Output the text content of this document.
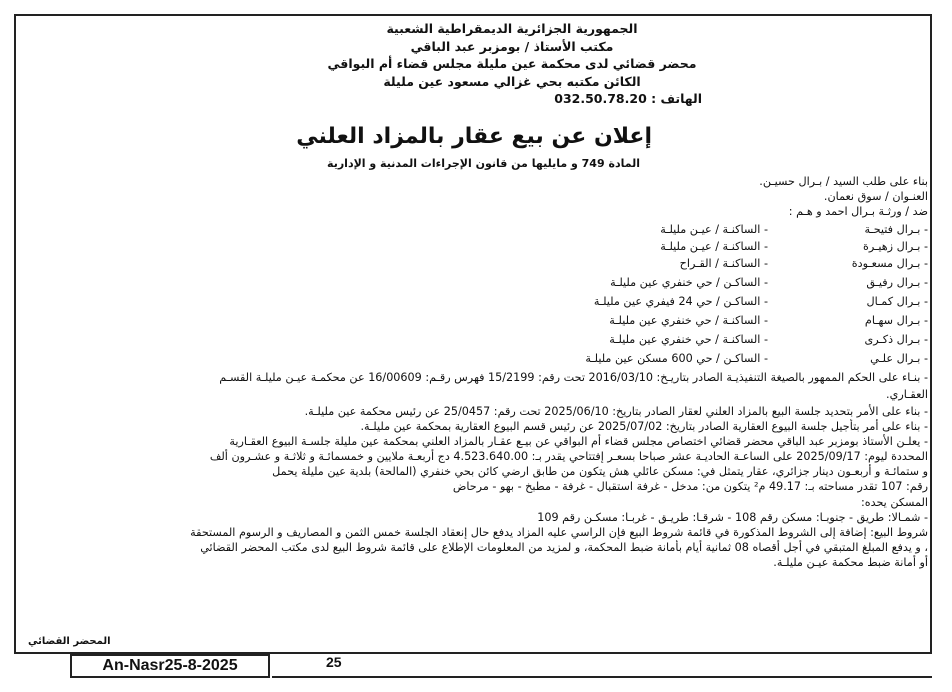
الجمهورية الجزائرية الديمقراطية الشعبية
مكتب الأستاذ / بومزبر عبد الباقي
محضر قضائي لدى محكمة عين مليلة مجلس قضاء أم البواقي
الكائن مكتبه بحي غزالي مسعود عين مليلة
الهاتف : 032.50.78.20
إعلان عن بيع عقار بالمزاد العلني
المادة 749 و مايليها من قانون الإجراءات المدنية و الإدارية
بناء على طلب السيد / بـرال حسيـن.
العنـوان / سوق نعمان.
ضد / ورثـة بـرال احمد و هـم :
- بـرال فتيحـة
- الساكنـة / عيـن مليلـة
- بـرال زهيـرة
- الساكنـة / عيـن مليلـة
- بـرال مسعـودة
- الساكنـة / القـراح
- بـرال رفيـق
- الساكـن / حي خنفري عين مليلـة
- بـرال كمـال
- الساكـن / حي 24 فيفري عين مليلـة
- بـرال سهـام
- الساكنـة / حي خنفري عين مليلـة
- بـرال ذكـرى
- الساكنـة / حي خنفري عين مليلـة
- بـرال علـي
- الساكـن / حي 600 مسكن عين مليلـة
- بنـاء على الحكم الممهور بالصيغة التنفيذيـة الصادر بتاريـخ: 2016/03/10 تحت رقم: 15/2199 فهرس رقـم: 16/00609 عن محكمـة عيـن مليلـة القسـم
العقـاري.
- بناء على الأمر بتحديد جلسة البيع بالمزاد العلني لعقار الصادر بتاريخ: 2025/06/10 تحت رقم: 25/0457 عن رئيس محكمة عين مليلـة.
- بناء على أمر بتأجيل جلسة البيوع العقارية الصادر بتاريخ: 2025/07/02 عن رئيس قسم البيوع العقارية بمحكمة عين مليلـة.
- يعلـن الأستاذ بومزبر عبد الباقي محضر قضائي اختصاص مجلس قضاء أم البواقي عن بيـع عقـار بالمزاد العلني بمحكمة عين مليلة جلسـة البيوع العقـارية
المحددة ليوم: 2025/09/17 على الساعـة الحاديـة عشر صباحا بسعـر إفتتاحي يقدر بـ: 4.523.640.00 دج أربعـة ملايين و خمسمائـة و ثلاثـة و عشـرون ألف
و ستمائـة و أربعـون دينار جزائري، عقار يتمثل في: مسكن عائلي هش يتكون من طابق ارضي كائن بحي خنفري (المالحة) بلدية عين مليلة يحمل
رقم: 107 تقدر مساحته بـ: 49.17 م² يتكون من: مدخل - غرفة استقبال - غرفة - مطبخ - بهو - مرحاض
المسكن يحده:
- شمـالا: طريق - جنوبـا: مسكن رقم 108 - شرقـا: طريـق - غربـا: مسكـن رقم 109
شروط البيع: إضافة إلى الشروط المذكورة في قائمة شروط البيع فإن الراسي عليه المزاد يدفع حال إنعقاد الجلسة خمس الثمن و المصاريف و الرسوم المستحقة
، و يدفع المبلغ المتبقي في أجل أقصاه 08 ثمانية أيام بأمانة ضبط المحكمة، و لمزيد من المعلومات الإطلاع على قائمة شروط البيع لدى مكتب المحضر القضائي
أو أمانة ضبط محكمة عيـن مليلـة.
المحضر القضائي
An-Nasr25-8-2025	25
